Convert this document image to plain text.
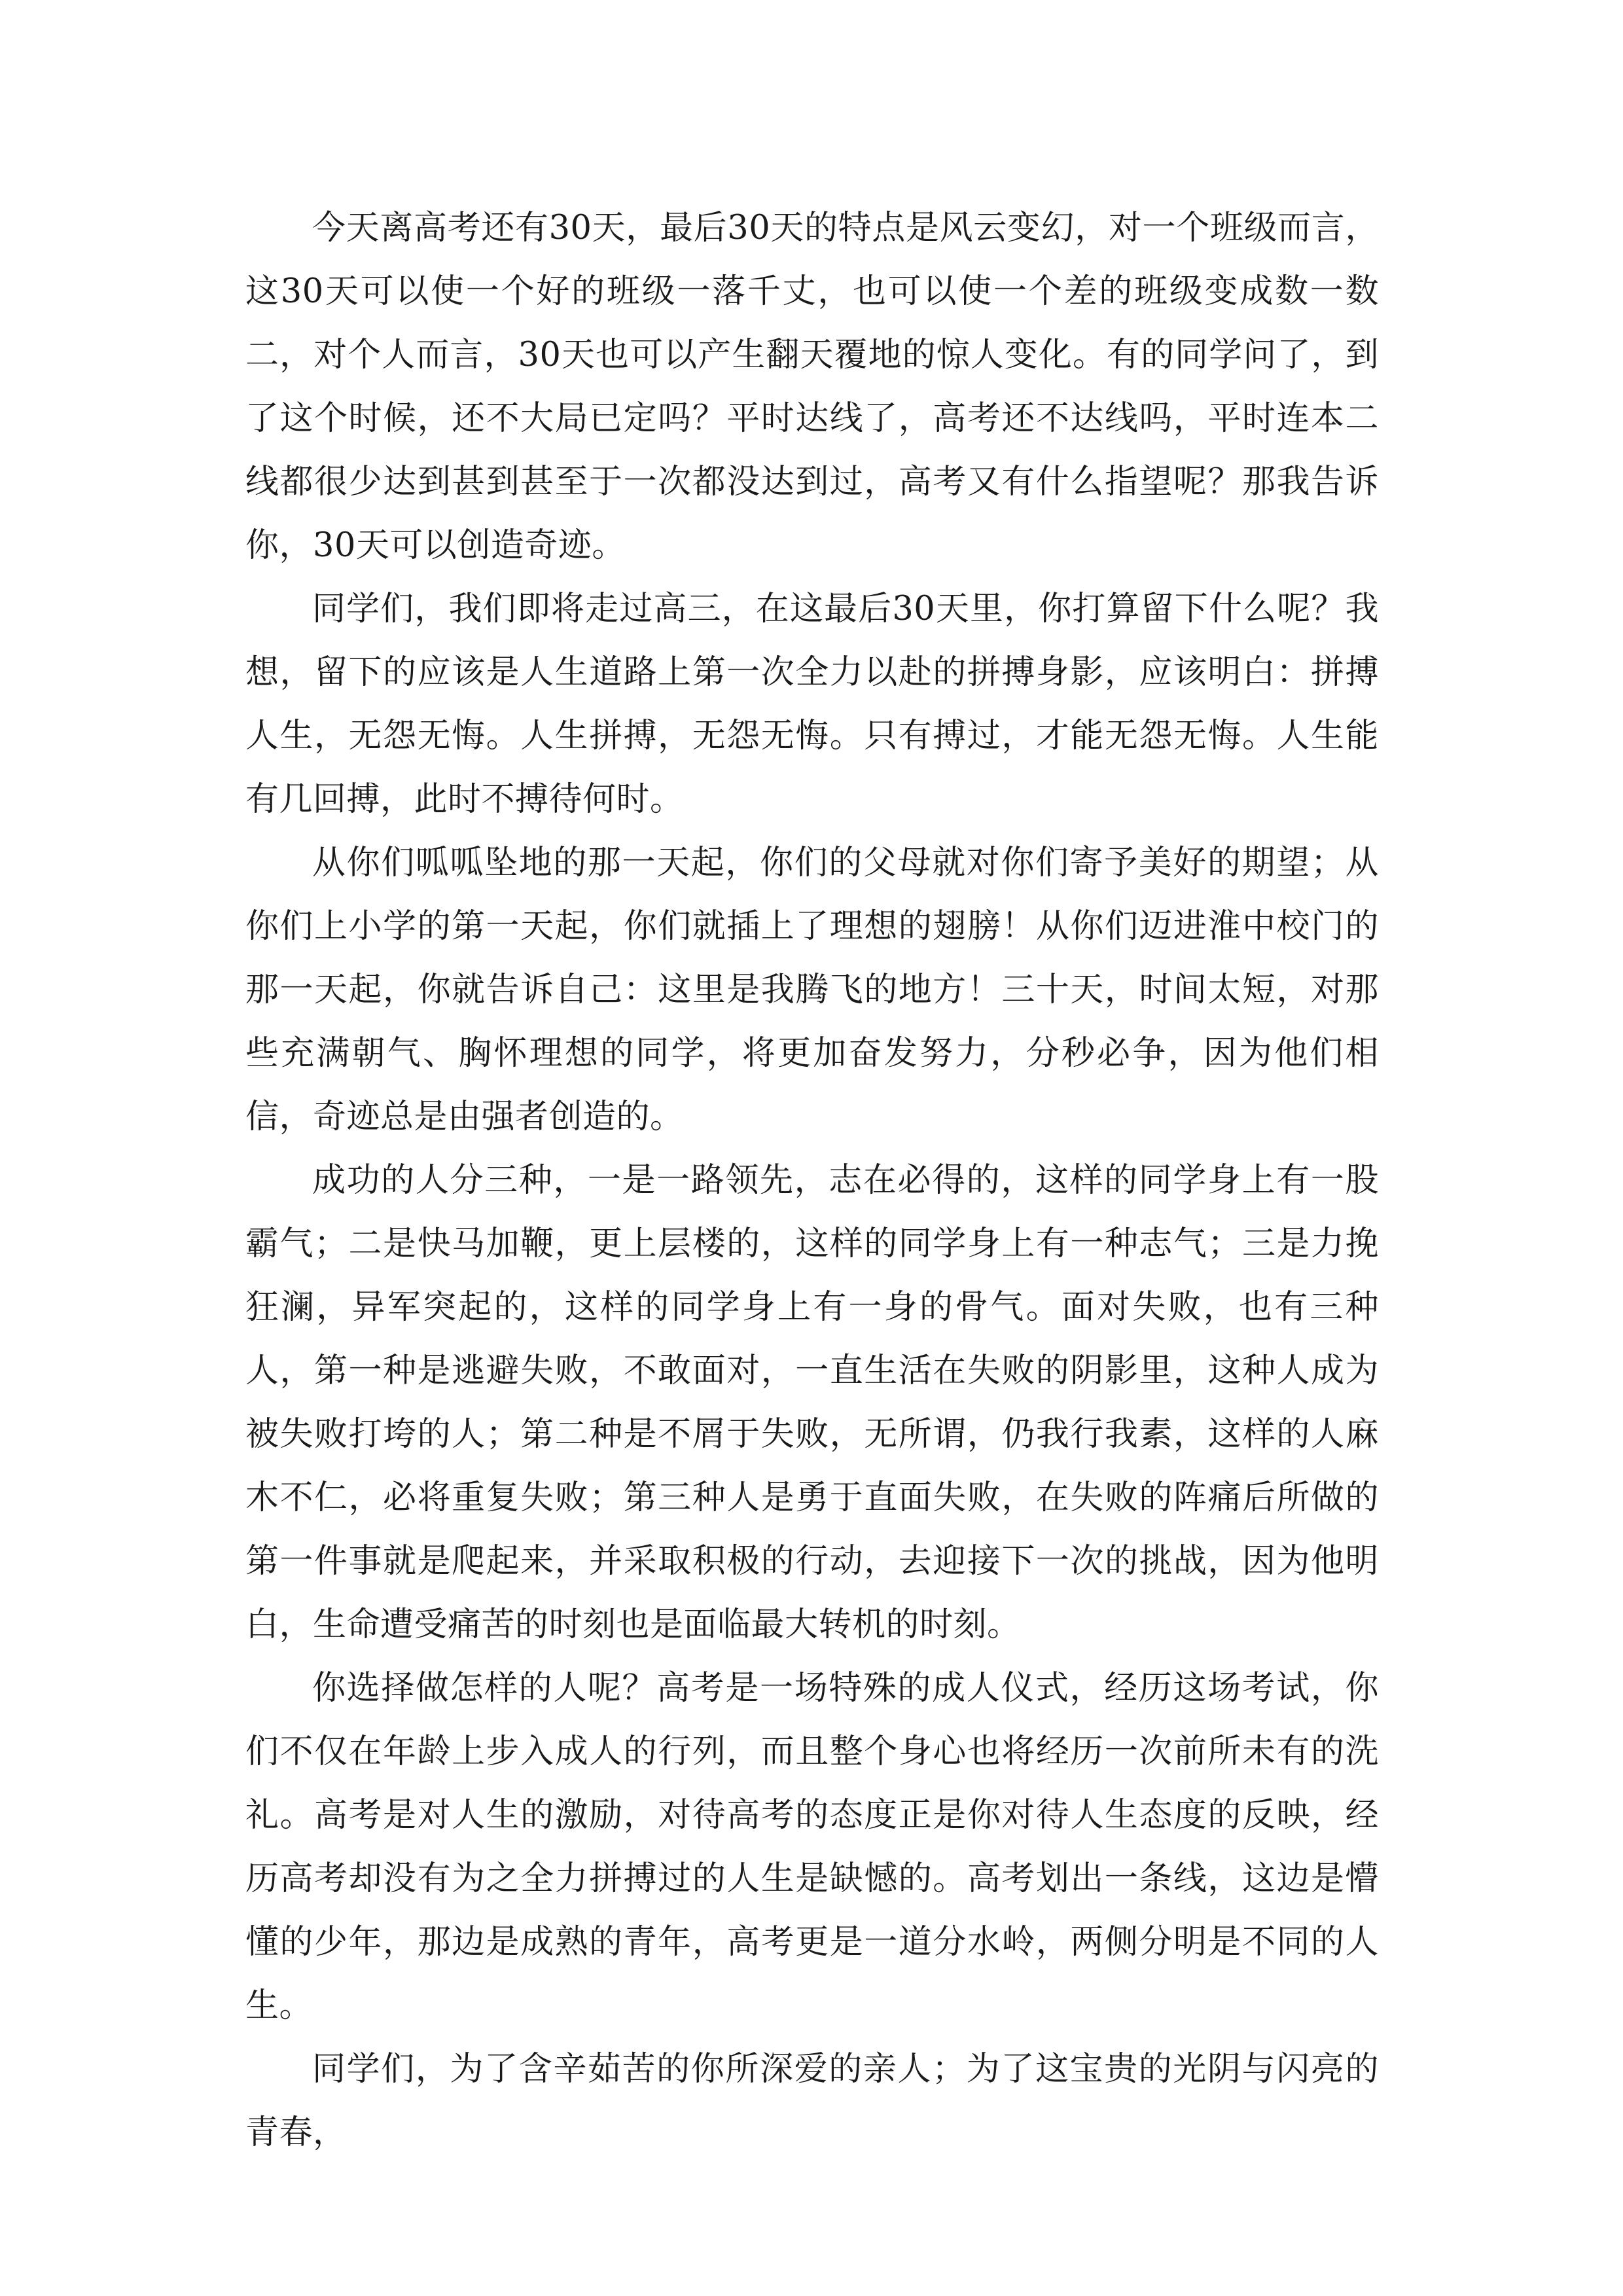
今天离高考还有30天，最后30天的特点是风云变幻，对一个班级而言，这30天可以使一个好的班级一落千丈，也可以使一个差的班级变成数一数二，对个人而言，30天也可以产生翻天覆地的惊人变化。有的同学问了，到了这个时候，还不大局已定吗？平时达线了，高考还不达线吗，平时连本二线都很少达到甚到甚至于一次都没达到过，高考又有什么指望呢？那我告诉你，30天可以创造奇迹。

同学们，我们即将走过高三，在这最后30天里，你打算留下什么呢？我想，留下的应该是人生道路上第一次全力以赴的拼搏身影，应该明白：拼搏人生，无怨无悔。人生拼搏，无怨无悔。只有搏过，才能无怨无悔。人生能有几回搏，此时不搏待何时。

从你们呱呱坠地的那一天起，你们的父母就对你们寄予美好的期望；从你们上小学的第一天起，你们就插上了理想的翅膀！从你们迈进淮中校门的那一天起，你就告诉自己：这里是我腾飞的地方！三十天，时间太短，对那些充满朝气、胸怀理想的同学，将更加奋发努力，分秒必争，因为他们相信，奇迹总是由强者创造的。

成功的人分三种，一是一路领先，志在必得的，这样的同学身上有一股霸气；二是快马加鞭，更上层楼的，这样的同学身上有一种志气；三是力挽狂澜，异军突起的，这样的同学身上有一身的骨气。面对失败，也有三种人，第一种是逃避失败，不敢面对，一直生活在失败的阴影里，这种人成为被失败打垮的人；第二种是不屑于失败，无所谓，仍我行我素，这样的人麻木不仁，必将重复失败；第三种人是勇于直面失败，在失败的阵痛后所做的第一件事就是爬起来，并采取积极的行动，去迎接下一次的挑战，因为他明白，生命遭受痛苦的时刻也是面临最大转机的时刻。

你选择做怎样的人呢？高考是一场特殊的成人仪式，经历这场考试，你们不仅在年龄上步入成人的行列，而且整个身心也将经历一次前所未有的洗礼。高考是对人生的激励，对待高考的态度正是你对待人生态度的反映，经历高考却没有为之全力拼搏过的人生是缺憾的。高考划出一条线，这边是懵懂的少年，那边是成熟的青年，高考更是一道分水岭，两侧分明是不同的人生。

同学们，为了含辛茹苦的你所深爱的亲人；为了这宝贵的光阴与闪亮的青春，
